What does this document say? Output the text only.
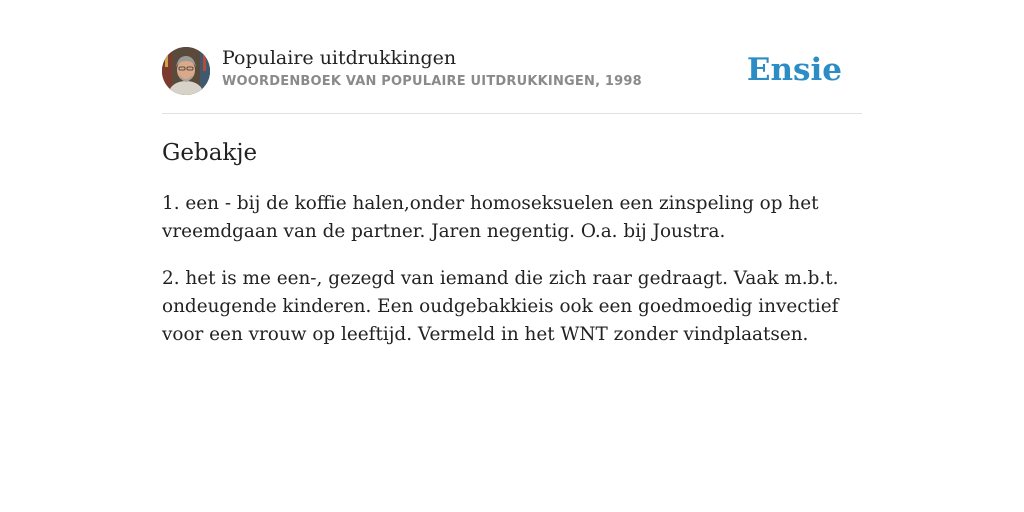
Populaire uitdrukkingen
WOORDENBOEK VAN POPULAIRE UITDRUKKINGEN, 1998	Ensie
Gebakje

1. een - bij de koffie halen,onder homoseksuelen een zinspeling op het vreemdgaan van de partner. Jaren negentig. O.a. bij Joustra.

2. het is me een-, gezegd van iemand die zich raar gedraagt. Vaak m.b.t. ondeugende kinderen. Een oudgebakkieis ook een goedmoedig invectief voor een vrouw op leeftijd. Vermeld in het WNT zonder vindplaatsen.
